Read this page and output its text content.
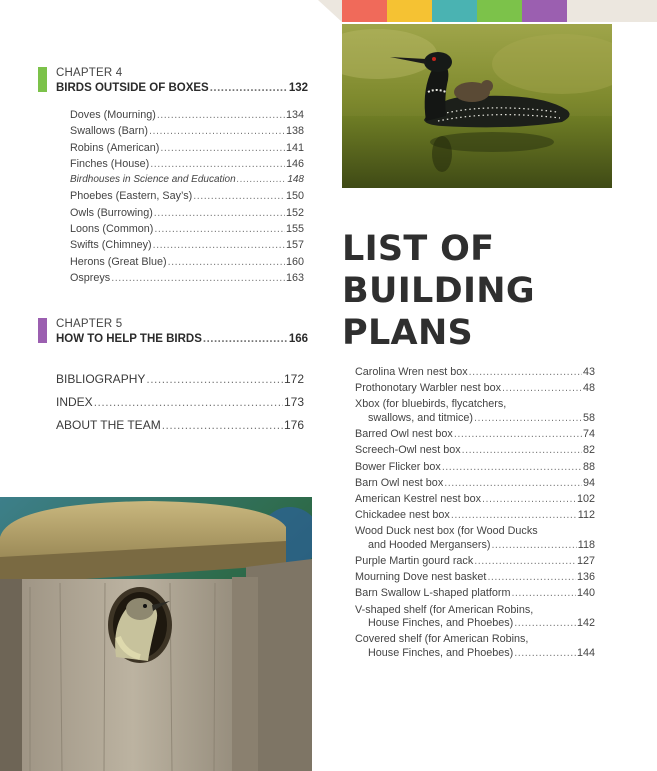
CHAPTER 4
BIRDS OUTSIDE OF BOXES .....	132
Doves (Mourning) .....	134
Swallows (Barn) .....	138
Robins (American) .....	141
Finches (House) .....	146
Birdhouses in Science and Education .....	148
Phoebes (Eastern, Say’s) .....	150
Owls (Burrowing) .....	152
Loons (Common) .....	155
Swifts (Chimney) .....	157
Herons (Great Blue) .....	160
Ospreys .....	163
CHAPTER 5
HOW TO HELP THE BIRDS .....	166
BIBLIOGRAPHY .....	172
INDEX .....	173
ABOUT THE TEAM .....	176
LIST OF
BUILDING
PLANS
Carolina Wren nest box .....	43
Prothonotary Warbler nest box .....	48
Xbox (for bluebirds, flycatchers,
swallows, and titmice) .....	58
Barred Owl nest box .....	74
Screech-Owl nest box .....	82
Bower Flicker box .....	88
Barn Owl nest box .....	94
American Kestrel nest box .....	102
Chickadee nest box .....	112
Wood Duck nest box (for Wood Ducks
and Hooded Mergansers) .....	118
Purple Martin gourd rack .....	127
Mourning Dove nest basket .....	136
Barn Swallow L-shaped platform .....	140
V-shaped shelf (for American Robins,
House Finches, and Phoebes) .....	142
Covered shelf (for American Robins,
House Finches, and Phoebes) .....	144
